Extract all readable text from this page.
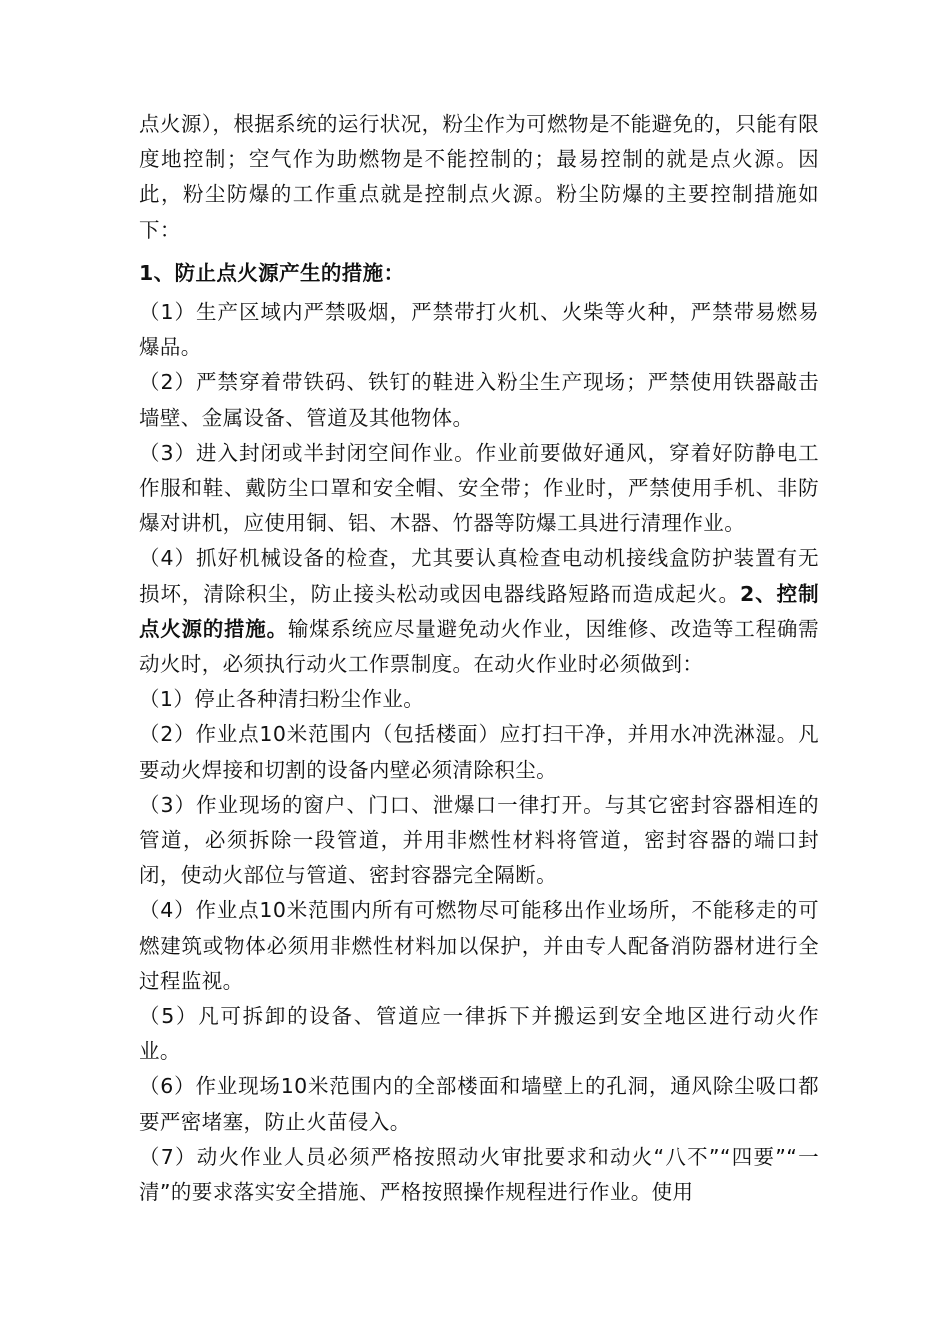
点火源），根据系统的运行状况，粉尘作为可燃物是不能避免的，只能有限度地控制；空气作为助燃物是不能控制的；最易控制的就是点火源。因此，粉尘防爆的工作重点就是控制点火源。粉尘防爆的主要控制措施如下：

1、防止点火源产生的措施：

（1）生产区域内严禁吸烟，严禁带打火机、火柴等火种，严禁带易燃易爆品。

（2）严禁穿着带铁码、铁钉的鞋进入粉尘生产现场；严禁使用铁器敲击墙壁、金属设备、管道及其他物体。

（3）进入封闭或半封闭空间作业。作业前要做好通风，穿着好防静电工作服和鞋、戴防尘口罩和安全帽、安全带；作业时，严禁使用手机、非防爆对讲机，应使用铜、铝、木器、竹器等防爆工具进行清理作业。

（4）抓好机械设备的检查，尤其要认真检查电动机接线盒防护装置有无损坏，清除积尘，防止接头松动或因电器线路短路而造成起火。2、控制点火源的措施。输煤系统应尽量避免动火作业，因维修、改造等工程确需动火时，必须执行动火工作票制度。在动火作业时必须做到：

（1）停止各种清扫粉尘作业。

（2）作业点10米范围内（包括楼面）应打扫干净，并用水冲洗淋湿。凡要动火焊接和切割的设备内壁必须清除积尘。

（3）作业现场的窗户、门口、泄爆口一律打开。与其它密封容器相连的管道，必须拆除一段管道，并用非燃性材料将管道，密封容器的端口封闭，使动火部位与管道、密封容器完全隔断。

（4）作业点10米范围内所有可燃物尽可能移出作业场所，不能移走的可燃建筑或物体必须用非燃性材料加以保护，并由专人配备消防器材进行全过程监视。

（5）凡可拆卸的设备、管道应一律拆下并搬运到安全地区进行动火作业。

（6）作业现场10米范围内的全部楼面和墙壁上的孔洞，通风除尘吸口都要严密堵塞，防止火苗侵入。

（7）动火作业人员必须严格按照动火审批要求和动火“八不”“四要”“一清”的要求落实安全措施、严格按照操作规程进行作业。使用
